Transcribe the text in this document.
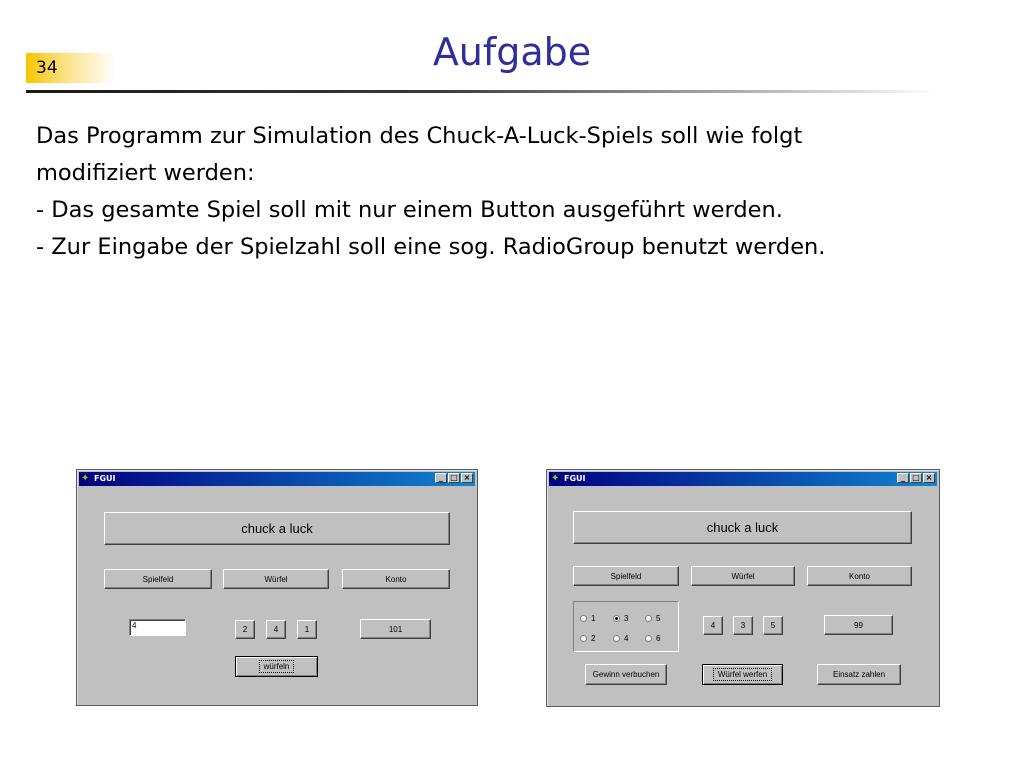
34	Aufgabe
Das Programm zur Simulation des Chuck-A-Luck-Spiels soll wie folgt
modifiziert werden:
- Das gesamte Spiel soll mit nur einem Button ausgeführt werden.
- Zur Eingabe der Spielzahl soll eine sog. RadioGroup benutzt werden.
✦ FGUI	_ □ ×
chuck a luck
Spielfeld	Würfel	Konto
4	2	4	1	101
würfeln
✦ FGUI	_ □ ×
chuck a luck
Spielfeld	Würfel	Konto
1	3	5
2	4	6
4	3	5	99
Gewinn verbuchen	Würfel werfen	Einsatz zahlen
